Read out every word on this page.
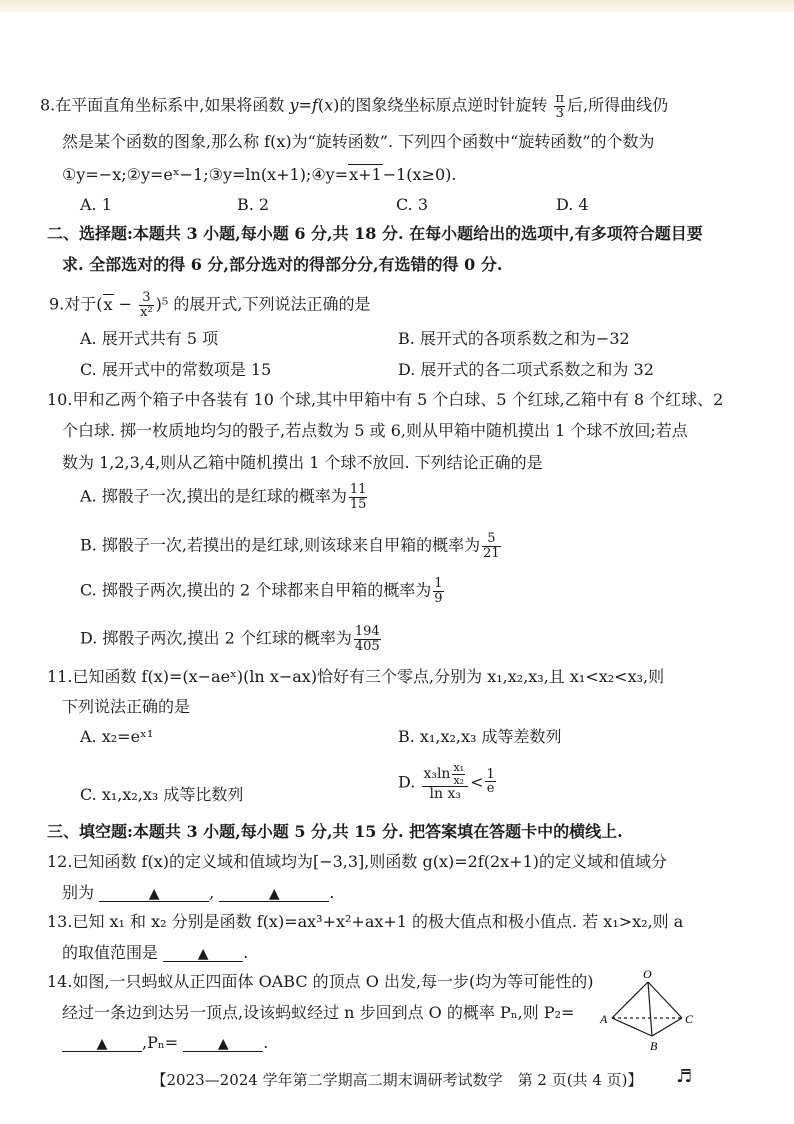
8.在平面直角坐标系中,如果将函数 y=f(x)的图象绕坐标原点逆时针旋转 $\frac{\pi}{3}$ 后,所得曲线仍
然是某个函数的图象,那么称 f(x)为“旋转函数”. 下列四个函数中“旋转函数”的个数为
①y=−x;②y=eˣ−1;③y=ln(x+1);④y=x+1−1(x≥0).
A. 1	B. 2	C. 3	D. 4
二、选择题:本题共 3 小题,每小题 6 分,共 18 分. 在每小题给出的选项中,有多项符合题目要
求. 全部选对的得 6 分,部分选对的得部分分,有选错的得 0 分.
9.对于$(x - \frac{3}{\text{x²}} )^5$ 的展开式,下列说法正确的是
A. 展开式共有 5 项	B. 展开式的各项系数之和为−32
C. 展开式中的常数项是 15	D. 展开式的各二项式系数之和为 32
10.甲和乙两个箱子中各装有 10 个球,其中甲箱中有 5 个白球、5 个红球,乙箱中有 8 个红球、2
个白球. 掷一枚质地均匀的骰子,若点数为 5 或 6,则从甲箱中随机摸出 1 个球不放回;若点
数为 1,2,3,4,则从乙箱中随机摸出 1 个球不放回. 下列结论正确的是
A. 掷骰子一次,摸出的是红球的概率为 $\frac{11}{15}$
B. 掷骰子一次,若摸出的是红球,则该球来自甲箱的概率为 $\frac{5}{21}$
C. 掷骰子两次,摸出的 2 个球都来自甲箱的概率为 $\frac{1}{9}$
D. 掷骰子两次,摸出 2 个红球的概率为 $\frac{194}{405}$
11.已知函数 f(x)=(x−aeˣ)(ln x−ax)恰好有三个零点,分别为 x₁,x₂,x₃,且 x₁<x₂<x₃,则
下列说法正确的是
A. x₂=eˣ¹	B. x₁,x₂,x₃ 成等差数列
C. x₁,x₂,x₃ 成等比数列
D. $\frac{x_3\ln \frac{\text{x₁}}{\text{x₂}}}{\text{ln x₃}} < \frac{1}{e}$
三、填空题:本题共 3 小题,每小题 5 分,共 15 分. 把答案填在答题卡中的横线上.
12.已知函数 f(x)的定义域和值域均为[−3,3],则函数 g(x)=2f(2x+1)的定义域和值域分
别为	▲	,	▲	.
13.已知 x₁ 和 x₂ 分别是函数 f(x)=ax³+x²+ax+1 的极大值点和极小值点. 若 x₁>x₂,则 a
的取值范围是	▲ .
14.如图,一只蚂蚁从正四面体 OABC 的顶点 O 出发,每一步(均为等可能性的)
经过一条边到达另一顶点,设该蚂蚁经过 n 步回到点 O 的概率 Pₙ,则 P₂=
▲ ,Pₙ=	▲ .
O
A	C
B
【2023—2024 学年第二学期高二期末调研考试数学　第 2 页(共 4 页)】	♬
